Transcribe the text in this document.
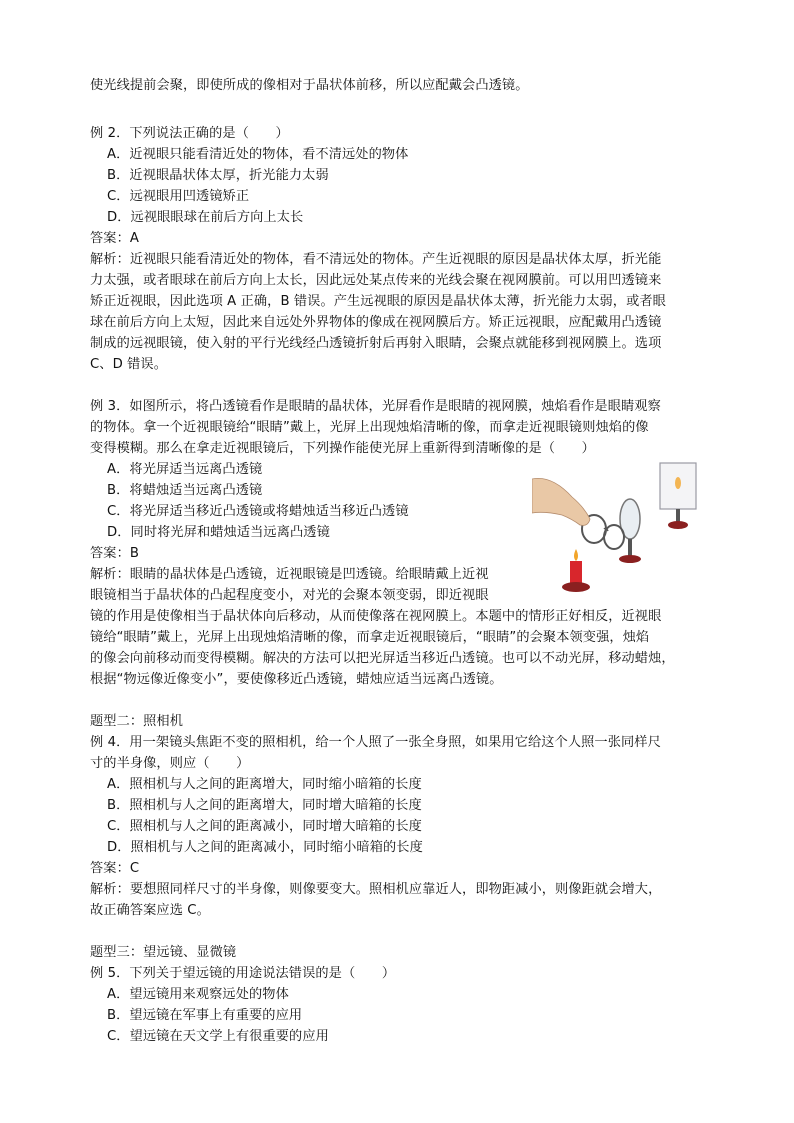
使光线提前会聚，即使所成的像相对于晶状体前移，所以应配戴会凸透镜。
例 2．下列说法正确的是（　　）
A．近视眼只能看清近处的物体，看不清远处的物体
B．近视眼晶状体太厚，折光能力太弱
C．远视眼用凹透镜矫正
D．远视眼眼球在前后方向上太长
答案：A
解析：近视眼只能看清近处的物体，看不清远处的物体。产生近视眼的原因是晶状体太厚，折光能
力太强，或者眼球在前后方向上太长，因此远处某点传来的光线会聚在视网膜前。可以用凹透镜来
矫正近视眼，因此选项 A 正确，B 错误。产生远视眼的原因是晶状体太薄，折光能力太弱，或者眼
球在前后方向上太短，因此来自远处外界物体的像成在视网膜后方。矫正远视眼，应配戴用凸透镜
制成的远视眼镜，使入射的平行光线经凸透镜折射后再射入眼睛，会聚点就能移到视网膜上。选项
C、D 错误。
例 3．如图所示，将凸透镜看作是眼睛的晶状体，光屏看作是眼睛的视网膜，烛焰看作是眼睛观察
的物体。拿一个近视眼镜给“眼睛”戴上，光屏上出现烛焰清晰的像，而拿走近视眼镜则烛焰的像
变得模糊。那么在拿走近视眼镜后，下列操作能使光屏上重新得到清晰像的是（　　）
A．将光屏适当远离凸透镜
B．将蜡烛适当远离凸透镜
C．将光屏适当移近凸透镜或将蜡烛适当移近凸透镜
D．同时将光屏和蜡烛适当远离凸透镜
答案：B
解析：眼睛的晶状体是凸透镜，近视眼镜是凹透镜。给眼睛戴上近视
眼镜相当于晶状体的凸起程度变小，对光的会聚本领变弱，即近视眼
镜的作用是使像相当于晶状体向后移动，从而使像落在视网膜上。本题中的情形正好相反，近视眼
镜给“眼睛”戴上，光屏上出现烛焰清晰的像，而拿走近视眼镜后，“眼睛”的会聚本领变强，烛焰
的像会向前移动而变得模糊。解决的方法可以把光屏适当移近凸透镜。也可以不动光屏，移动蜡烛，
根据“物远像近像变小”，要使像移近凸透镜，蜡烛应适当远离凸透镜。
题型二：照相机
例 4．用一架镜头焦距不变的照相机，给一个人照了一张全身照，如果用它给这个人照一张同样尺
寸的半身像，则应（　　）
A．照相机与人之间的距离增大，同时缩小暗箱的长度
B．照相机与人之间的距离增大，同时增大暗箱的长度
C．照相机与人之间的距离减小，同时增大暗箱的长度
D．照相机与人之间的距离减小，同时缩小暗箱的长度
答案：C
解析：要想照同样尺寸的半身像，则像要变大。照相机应靠近人，即物距减小，则像距就会增大，
故正确答案应选 C。
题型三：望远镜、显微镜
例 5．下列关于望远镜的用途说法错误的是（　　）
A．望远镜用来观察远处的物体
B．望远镜在军事上有重要的应用
C．望远镜在天文学上有很重要的应用
